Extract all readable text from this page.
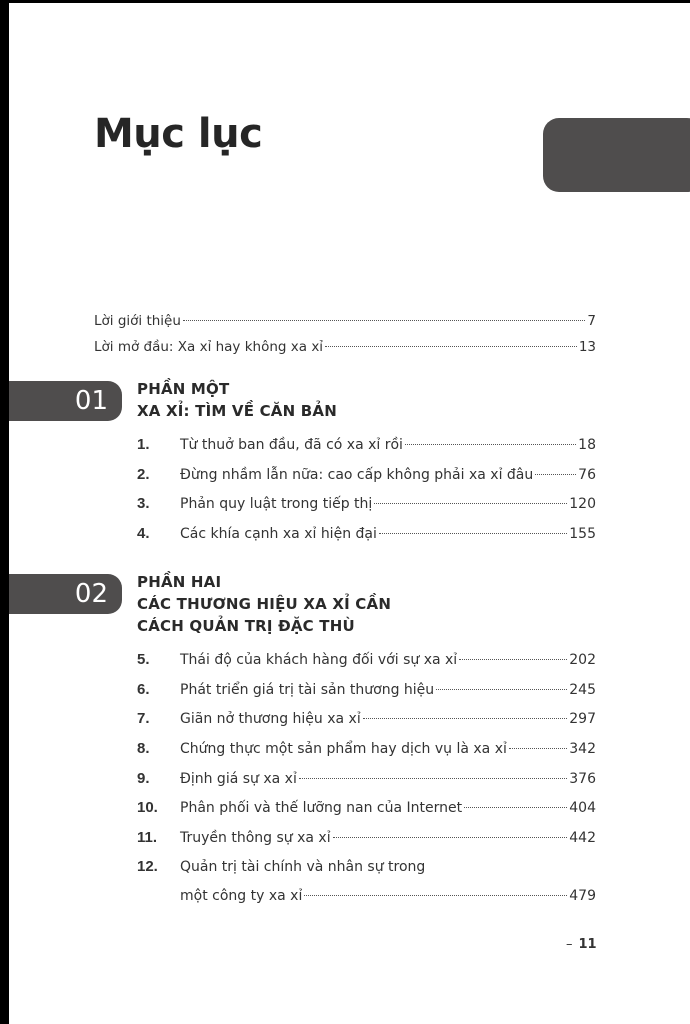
Mục lục
Lời giới thiệu	7
Lời mở đầu: Xa xỉ hay không xa xỉ	13
01	PHẦN MỘT
XA XỈ: TÌM VỀ CĂN BẢN
1.	Từ thuở ban đầu, đã có xa xỉ rồi	18
2.	Đừng nhầm lẫn nữa: cao cấp không phải xa xỉ đâu	76
3.	Phản quy luật trong tiếp thị	120
4.	Các khía cạnh xa xỉ hiện đại	155
02	PHẦN HAI
CÁC THƯƠNG HIỆU XA XỈ CẦN
CÁCH QUẢN TRỊ ĐẶC THÙ
5.	Thái độ của khách hàng đối với sự xa xỉ	202
6.	Phát triển giá trị tài sản thương hiệu	245
7.	Giãn nở thương hiệu xa xỉ	297
8.	Chứng thực một sản phẩm hay dịch vụ là xa xỉ	342
9.	Định giá sự xa xỉ	376
10.	Phân phối và thế lưỡng nan của Internet	404
11.	Truyền thông sự xa xỉ	442
12. Quản trị tài chính và nhân sự trong
một công ty xa xỉ	479
– 11
